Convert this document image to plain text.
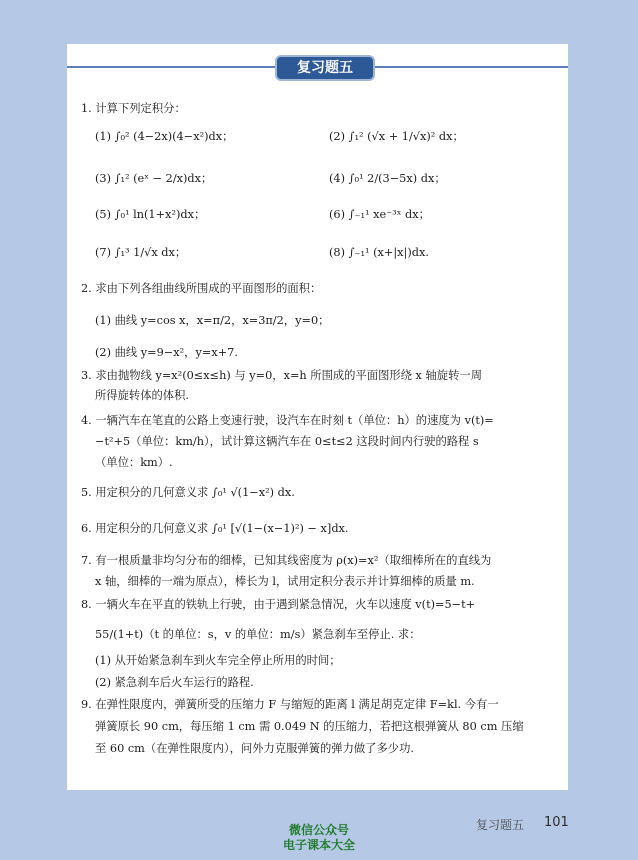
复习题五
1. 计算下列定积分：
(1) ∫₀² (4−2x)(4−x²)dx；	(2) ∫₁² (√x + 1/√x)² dx；
(3) ∫₁² (eˣ − 2/x)dx；	(4) ∫₀¹ 2/(3−5x) dx；
(5) ∫₀¹ ln(1+x²)dx；	(6) ∫₋₁¹ xe⁻³ˣ dx；
(7) ∫₁³ 1/√x dx；	(8) ∫₋₁¹ (x+|x|)dx.
2. 求由下列各组曲线所围成的平面图形的面积：
(1) 曲线 y=cos x，x=π/2，x=3π/2，y=0；
(2) 曲线 y=9−x²，y=x+7.
3. 求由抛物线 y=x²(0≤x≤h) 与 y=0，x=h 所围成的平面图形绕 x 轴旋转一周
所得旋转体的体积.
4. 一辆汽车在笔直的公路上变速行驶，设汽车在时刻 t（单位：h）的速度为 v(t)=
−t²+5（单位：km/h），试计算这辆汽车在 0≤t≤2 这段时间内行驶的路程 s
（单位：km）.
5. 用定积分的几何意义求 ∫₀¹ √(1−x²) dx.
6. 用定积分的几何意义求 ∫₀¹ [√(1−(x−1)²) − x]dx.
7. 有一根质量非均匀分布的细棒，已知其线密度为 ρ(x)=x²（取细棒所在的直线为
x 轴，细棒的一端为原点），棒长为 l，试用定积分表示并计算细棒的质量 m.
8. 一辆火车在平直的铁轨上行驶，由于遇到紧急情况，火车以速度 v(t)=5−t+
55/(1+t)（t 的单位：s，v 的单位：m/s）紧急刹车至停止. 求：
(1) 从开始紧急刹车到火车完全停止所用的时间；
(2) 紧急刹车后火车运行的路程.
9. 在弹性限度内，弹簧所受的压缩力 F 与缩短的距离 l 满足胡克定律 F=kl. 今有一
弹簧原长 90 cm，每压缩 1 cm 需 0.049 N 的压缩力，若把这根弹簧从 80 cm 压缩
至 60 cm（在弹性限度内），问外力克服弹簧的弹力做了多少功.
复习题五 101
微信公众号
电子课本大全
